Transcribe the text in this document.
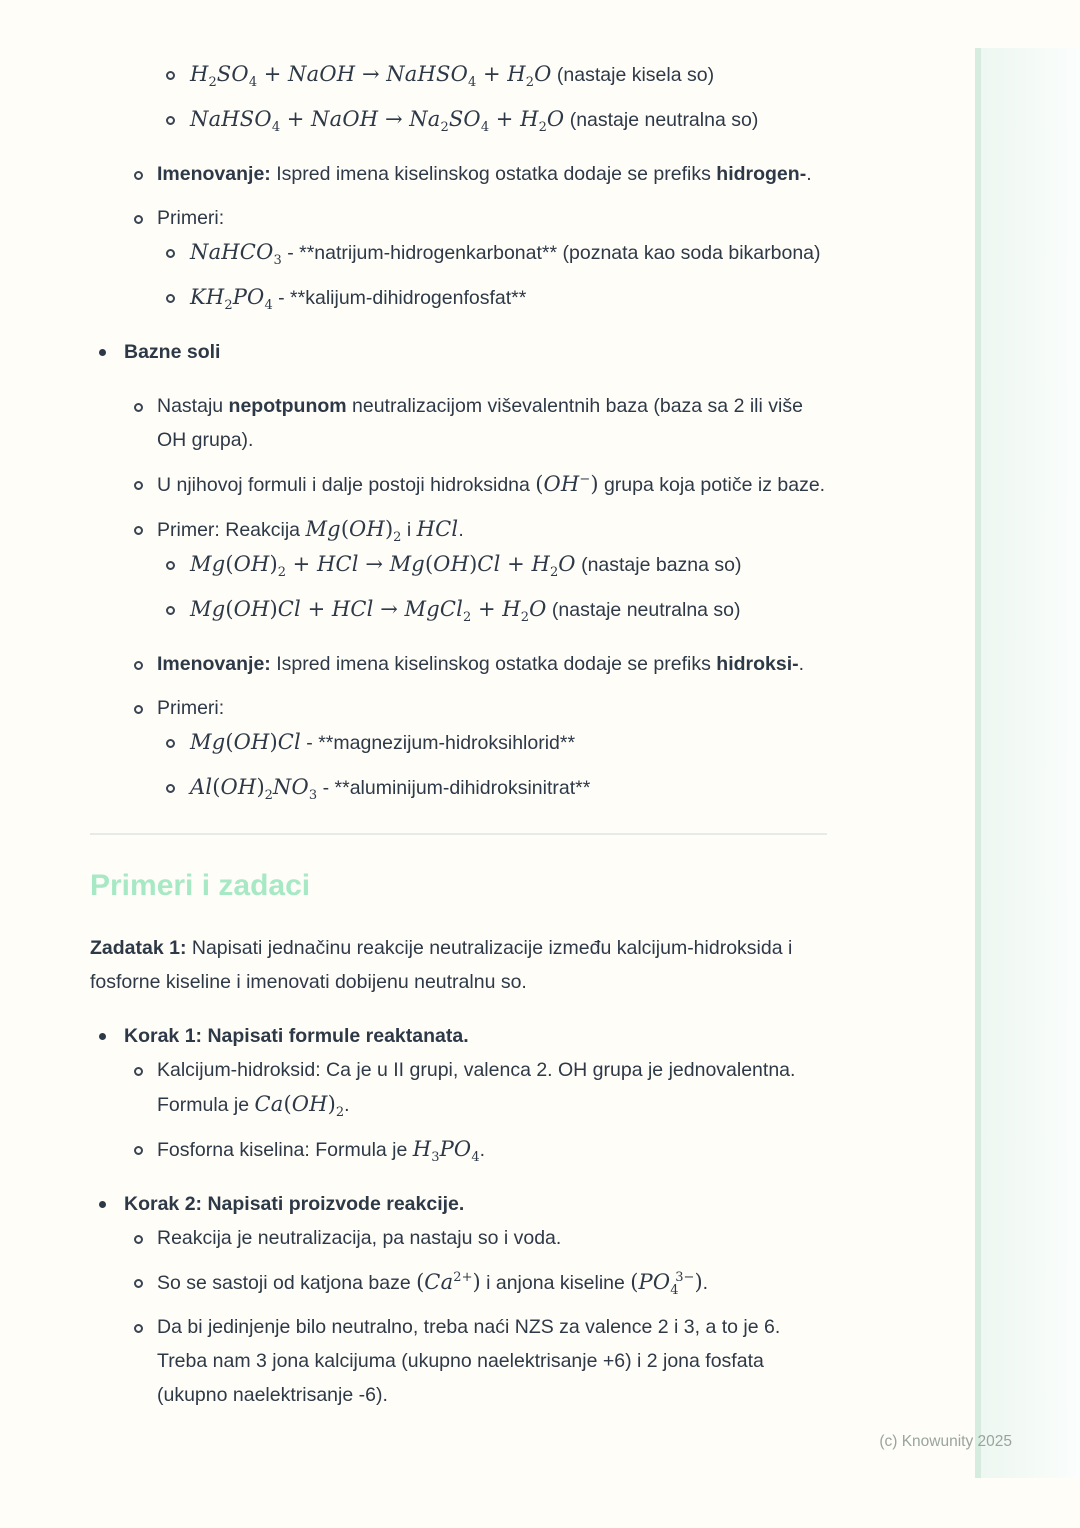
$H_2SO_4$ + NaOH → NaHSO$_4$ + $H_2O$ (nastaje kisela so)
NaHSO$_4$ + NaOH → $Na_2SO_4 + H_2O$ (nastaje neutralna so)
Imenovanje: Ispred imena kiselinskog ostatka dodaje se prefiks hidrogen-.
Primeri:
NaHCO$_3$ - **natrijum-hidrogenkarbonat** (poznata kao soda bikarbona)
$KH_2PO_4$ - **kalijum-dihidrogenfosfat**
Bazne soli
Nastaju nepotpunom neutralizacijom viševalentnih baza (baza sa 2 ili više OH grupa).
U njihovoj formuli i dalje postoji hidroksidna (OH−) grupa koja potiče iz baze.
Primer: Reakcija $Mg(OH)_2$ i HCl.
$Mg(OH)_2$ + HCl → $Mg(OH)Cl + H_2O$ (nastaje bazna so)
Mg(OH)Cl + HCl → MgCl$_2$ + $H_2O$ (nastaje neutralna so)
Imenovanje: Ispred imena kiselinskog ostatka dodaje se prefiks hidroksi-.
Primeri:
Mg(OH)Cl - **magnezijum-hidroksihlorid**
$Al(OH)_2NO_3$ - **aluminijum-dihidroksinitrat**
Primeri i zadaci
Zadatak 1: Napisati jednačinu reakcije neutralizacije između kalcijum-hidroksida i fosforne kiseline i imenovati dobijenu neutralnu so.
Korak 1: Napisati formule reaktanata.
Kalcijum-hidroksid: Ca je u II grupi, valenca 2. OH grupa je jednovalentna. Formula je $Ca(OH)_2$.
Fosforna kiselina: Formula je $H_3PO_4$.
Korak 2: Napisati proizvode reakcije.
Reakcija je neutralizacija, pa nastaju so i voda.
So se sastoji od katjona baze $(Ca^{2+})$ i anjona kiseline $(PO_4^{3-})$.
Da bi jedinjenje bilo neutralno, treba naći NZS za valence 2 i 3, a to je 6. Treba nam 3 jona kalcijuma (ukupno naelektrisanje +6) i 2 jona fosfata (ukupno naelektrisanje -6).
(c) Knowunity 2025
